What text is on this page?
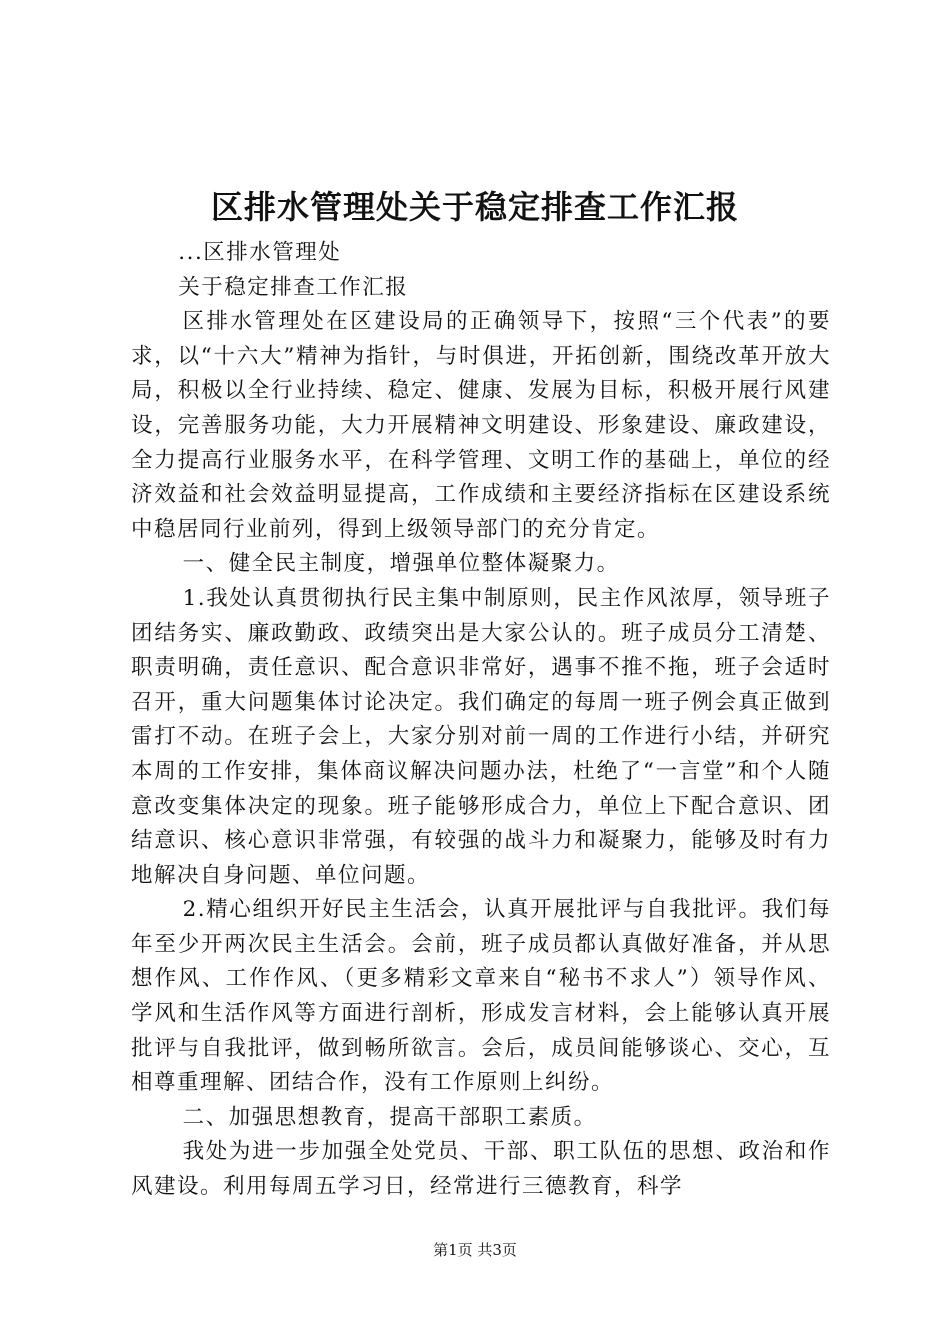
区排水管理处关于稳定排查工作汇报

...区排水管理处

关于稳定排查工作汇报

区排水管理处在区建设局的正确领导下，按照“三个代表”的要求，以“十六大”精神为指针，与时俱进，开拓创新，围绕改革开放大局，积极以全行业持续、稳定、健康、发展为目标，积极开展行风建设，完善服务功能，大力开展精神文明建设、形象建设、廉政建设，全力提高行业服务水平，在科学管理、文明工作的基础上，单位的经济效益和社会效益明显提高，工作成绩和主要经济指标在区建设系统中稳居同行业前列，得到上级领导部门的充分肯定。

一、健全民主制度，增强单位整体凝聚力。

1.我处认真贯彻执行民主集中制原则，民主作风浓厚，领导班子团结务实、廉政勤政、政绩突出是大家公认的。班子成员分工清楚、职责明确，责任意识、配合意识非常好，遇事不推不拖，班子会适时召开，重大问题集体讨论决定。我们确定的每周一班子例会真正做到雷打不动。在班子会上，大家分别对前一周的工作进行小结，并研究本周的工作安排，集体商议解决问题办法，杜绝了“一言堂”和个人随意改变集体决定的现象。班子能够形成合力，单位上下配合意识、团结意识、核心意识非常强，有较强的战斗力和凝聚力，能够及时有力地解决自身问题、单位问题。

2.精心组织开好民主生活会，认真开展批评与自我批评。我们每年至少开两次民主生活会。会前，班子成员都认真做好准备，并从思想作风、工作作风、（更多精彩文章来自“秘书不求人”）领导作风、学风和生活作风等方面进行剖析，形成发言材料，会上能够认真开展批评与自我批评，做到畅所欲言。会后，成员间能够谈心、交心，互相尊重理解、团结合作，没有工作原则上纠纷。

二、加强思想教育，提高干部职工素质。

我处为进一步加强全处党员、干部、职工队伍的思想、政治和作风建设。利用每周五学习日，经常进行三德教育，科学

第1页 共3页
